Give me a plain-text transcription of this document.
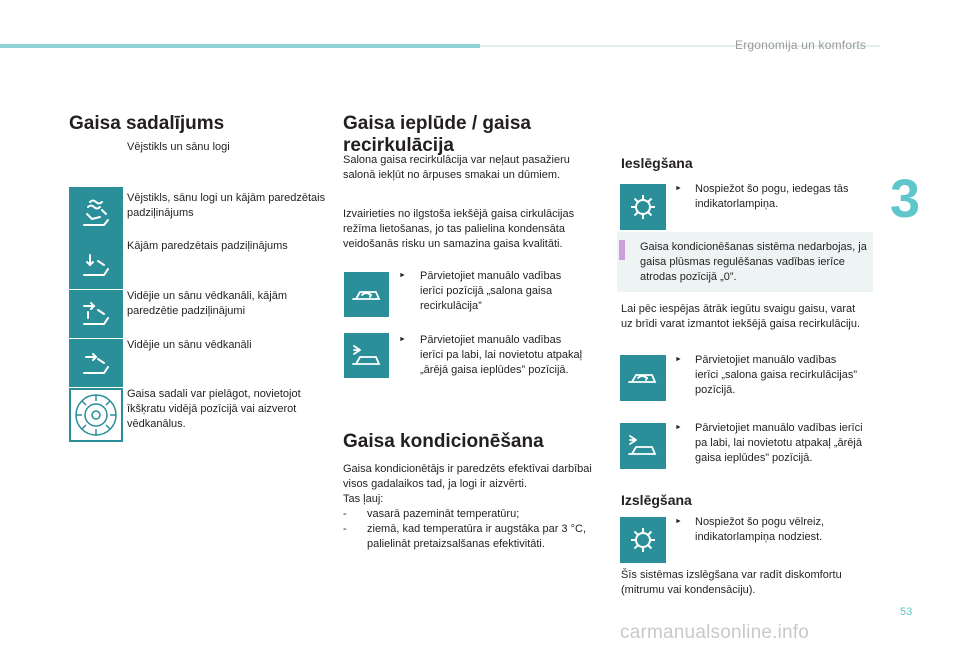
Ergonomija un komforts
3
53
carmanualsonline.info
Gaisa sadalījums
Vējstikls un sānu logi
Vējstikls, sānu logi un kājām paredzētais padziļinājums
Kājām paredzētais padziļinājums
Vidējie un sānu vēdkanāli, kājām paredzētie padziļinājumi
Vidējie un sānu vēdkanāli
Gaisa sadali var pielāgot, novietojot īkšķratu vidējā pozīcijā vai aizverot vēdkanālus.
Gaisa ieplūde / gaisa recirkulācija
Salona gaisa recirkulācija var neļaut pasažieru salonā iekļūt no ārpuses smakai un dūmiem.
Izvairieties no ilgstoša iekšējā gaisa cirkulācijas režīma lietošanas, jo tas palielina kondensāta veidošanās risku un samazina gaisa kvalitāti.
► Pārvietojiet manuālo vadības ierīci pozīcijā „salona gaisa recirkulācija”
► Pārvietojiet manuālo vadības ierīci pa labi, lai novietotu atpakaļ „ārējā gaisa ieplūdes” pozīcijā.
Gaisa kondicionēšana
Gaisa kondicionētājs ir paredzēts efektīvai darbībai visos gadalaikos tad, ja logi ir aizvērti.
Tas ļauj:
- vasarā pazemināt temperatūru;
- ziemā, kad temperatūra ir augstāka par 3 °C, palielināt pretaizsalšanas efektivitāti.
Ieslēgšana
► Nospiežot šo pogu, iedegas tās indikatorlampiņa.
Gaisa kondicionēšanas sistēma nedarbojas, ja gaisa plūsmas regulēšanas vadības ierīce atrodas pozīcijā „0”.
Lai pēc iespējas ātrāk iegūtu svaigu gaisu, varat uz brīdi varat izmantot iekšējā gaisa recirkulāciju.
► Pārvietojiet manuālo vadības ierīci „salona gaisa recirkulācijas” pozīcijā.
► Pārvietojiet manuālo vadības ierīci pa labi, lai novietotu atpakaļ „ārējā gaisa ieplūdes” pozīcijā.
Izslēgšana
► Nospiežot šo pogu vēlreiz, indikatorlampiņa nodziest.
Šīs sistēmas izslēgšana var radīt diskomfortu (mitrumu vai kondensāciju).
